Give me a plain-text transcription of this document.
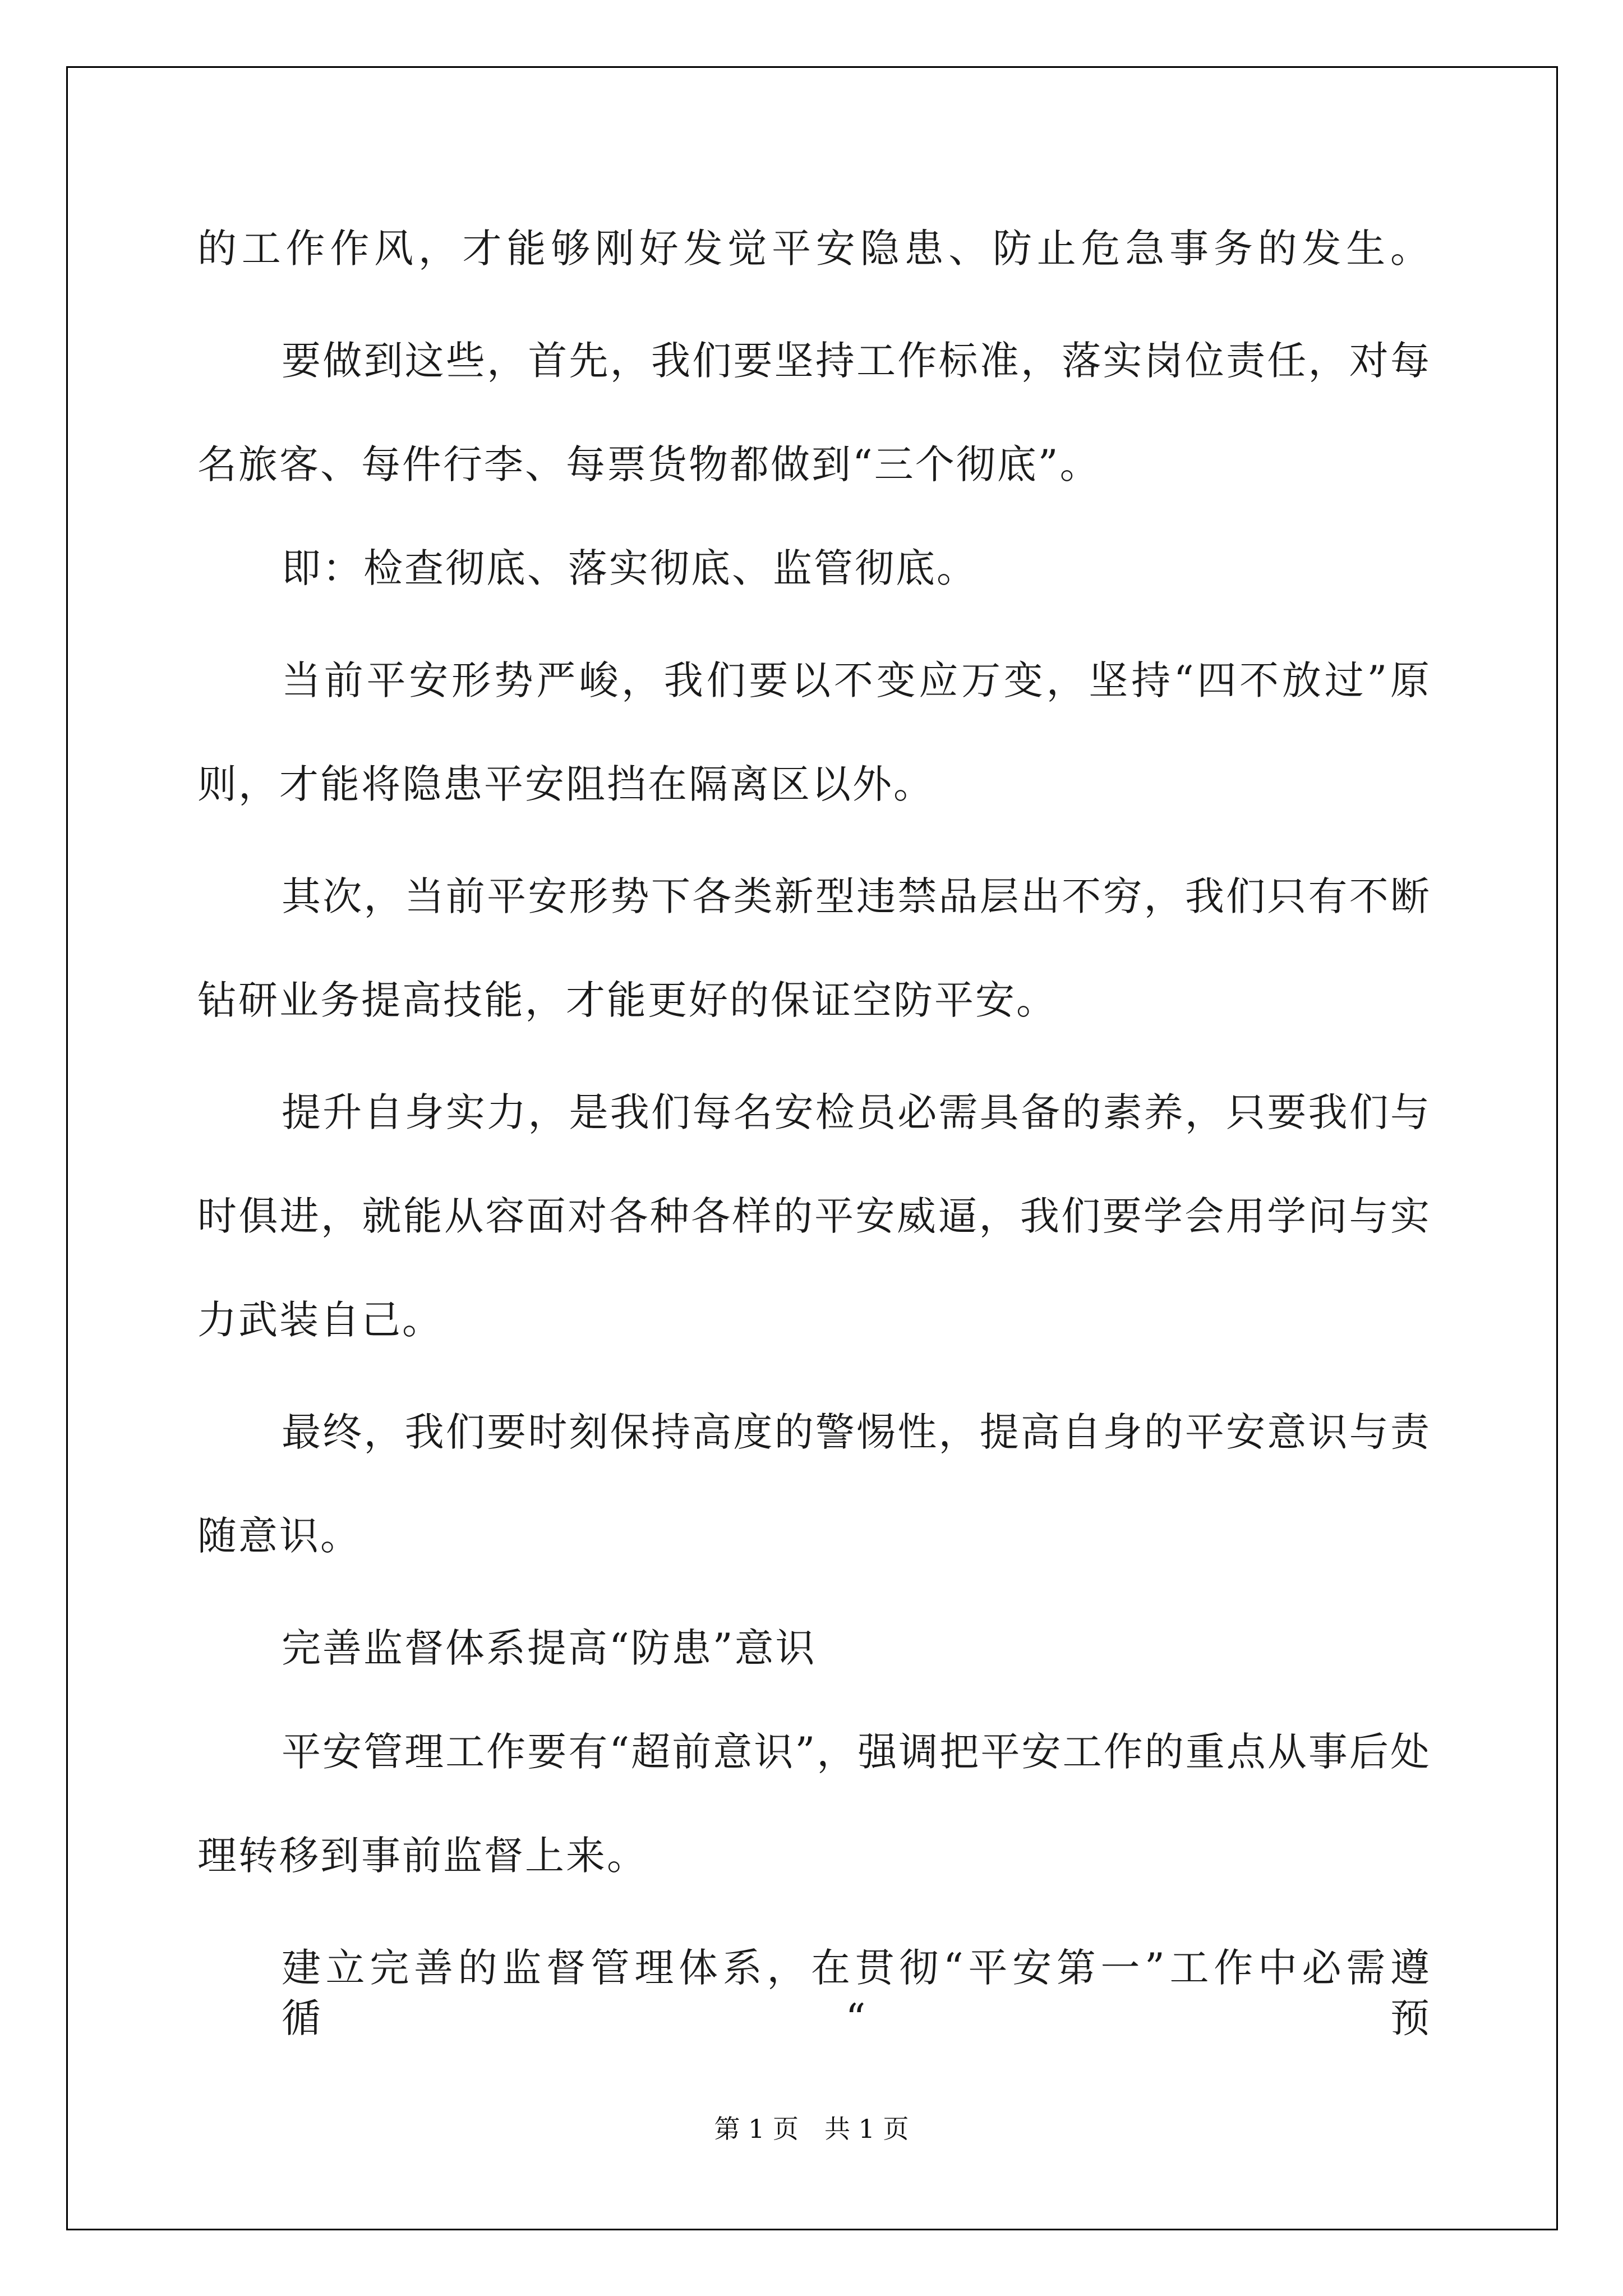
的工作作风，才能够刚好发觉平安隐患、防止危急事务的发生。
要做到这些，首先，我们要坚持工作标准，落实岗位责任，对每
名旅客、每件行李、每票货物都做到“三个彻底”。
即：检查彻底、落实彻底、监管彻底。
当前平安形势严峻，我们要以不变应万变，坚持“四不放过”原
则，才能将隐患平安阻挡在隔离区以外。
其次，当前平安形势下各类新型违禁品层出不穷，我们只有不断
钻研业务提高技能，才能更好的保证空防平安。
提升自身实力，是我们每名安检员必需具备的素养，只要我们与
时俱进，就能从容面对各种各样的平安威逼，我们要学会用学问与实
力武装自己。
最终，我们要时刻保持高度的警惕性，提高自身的平安意识与责
随意识。
完善监督体系提高“防患”意识
平安管理工作要有“超前意识”，强调把平安工作的重点从事后处
理转移到事前监督上来。
建立完善的监督管理体系，在贯彻“平安第一”工作中必需遵循“预
第 1 页　共 1 页
